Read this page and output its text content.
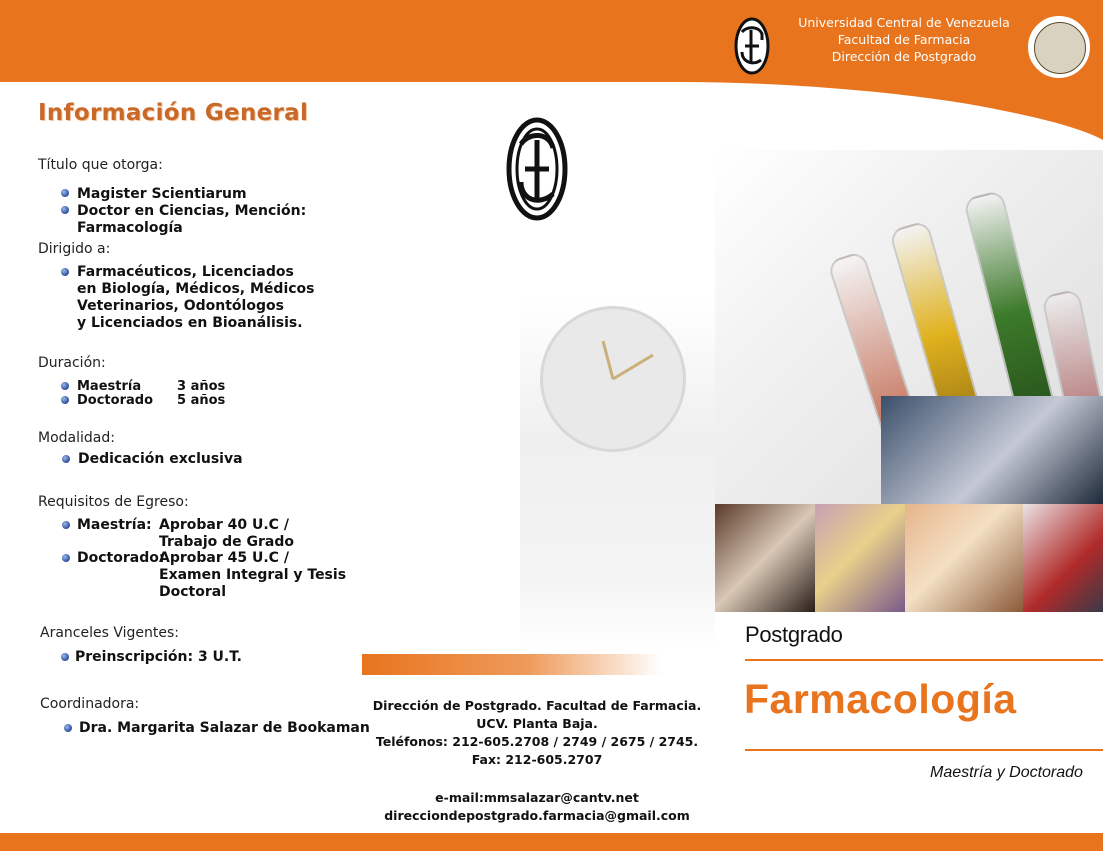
Universidad Central de Venezuela
Facultad de Farmacia
Dirección de Postgrado
Información General
Título que otorga:
Magister Scientiarum
Doctor en Ciencias, Mención:
Farmacología
Dirigido a:
Farmacéuticos, Licenciados
en Biología, Médicos, Médicos
Veterinarios, Odontólogos
y Licenciados en Bioanálisis.
Duración:
Maestría	3 años
Doctorado 5 años
Modalidad:
Dedicación exclusiva
Requisitos de Egreso:
Maestría: Aprobar 40 U.C /
Trabajo de Grado
Doctorado:
Aprobar 45 U.C /
Examen Integral y Tesis
Doctoral
Aranceles Vigentes:
Preinscripción: 3 U.T.
Coordinadora:
Dra. Margarita Salazar de Bookaman
Dirección de Postgrado. Facultad de Farmacia.
UCV. Planta Baja.
Teléfonos: 212-605.2708 / 2749 / 2675 / 2745.
Fax: 212-605.2707
e-mail:mmsalazar@cantv.net
direcciondepostgrado.farmacia@gmail.com
Postgrado
Farmacología
Maestría y Doctorado
